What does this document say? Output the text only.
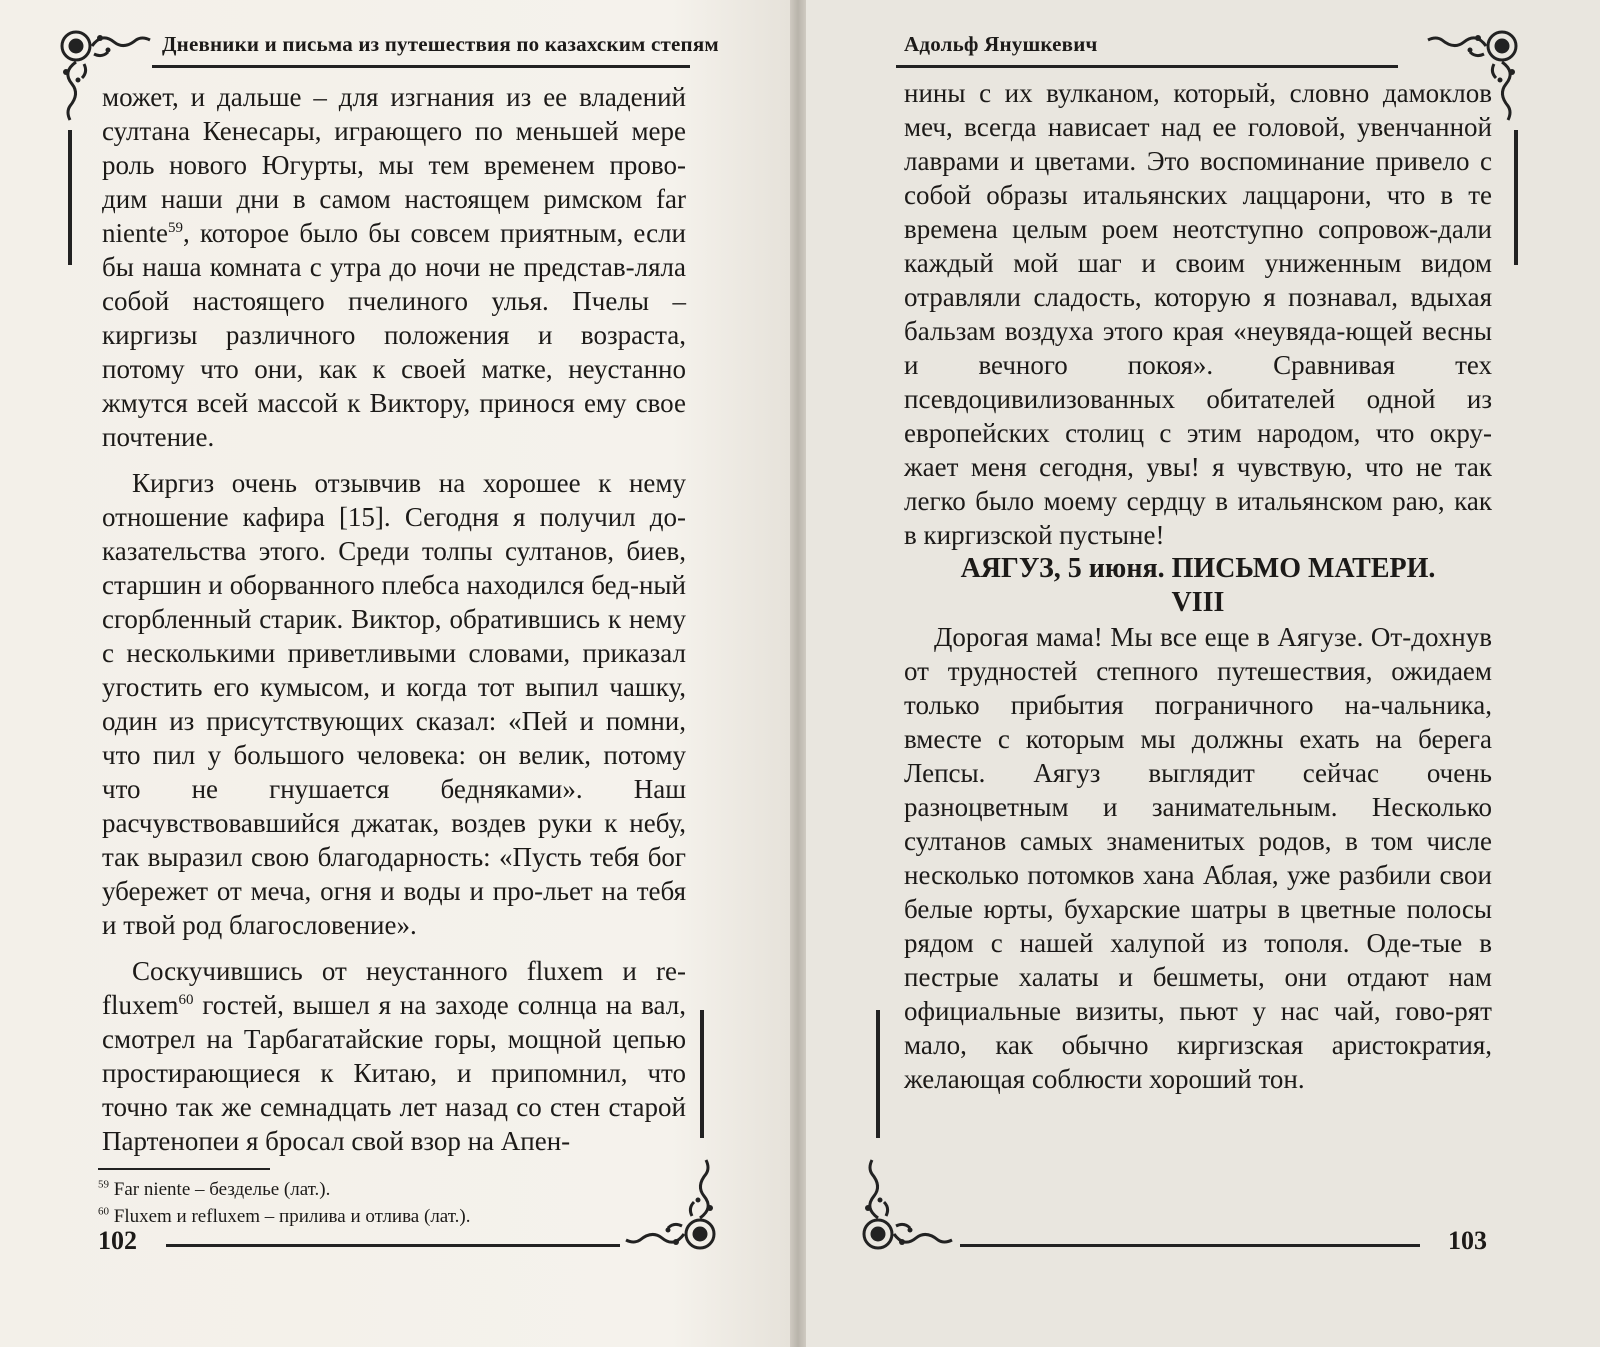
Дневники и письма из путешествия по казахским степям

может, и дальше – для изгнания из ее владений султана Кенесары, играющего по меньшей мере роль нового Югурты, мы тем временем прово- дим наши дни в самом настоящем римском far niente$^{59}$, которое было бы совсем приятным, если бы наша комната с утра до ночи не представ-ляла собой настоящего пчелиного улья. Пчелы – киргизы различного положения и возраста, потому что они, как к своей матке, неустанно жмутся всей массой к Виктору, принося ему свое почтение.

Киргиз очень отзывчив на хорошее к нему отношение кафира [15]. Сегодня я получил до-казательства этого. Среди толпы султанов, биев, старшин и оборванного плебса находился бед-ный сгорбленный старик. Виктор, обратившись к нему с несколькими приветливыми словами, приказал угостить его кумысом, и когда тот выпил чашку, один из присутствующих сказал: «Пей и помни, что пил у большого человека: он велик, потому что не гнушается бедняками». Наш расчувствовавшийся джатак, воздев руки к небу, так выразил свою благодарность: «Пусть тебя бог убережет от меча, огня и воды и про-льет на тебя и твой род благословение».

Соскучившись от неустанного fluxem и re-fluxem$^{60}$ гостей, вышел я на заходе солнца на вал, смотрел на Тарбагатайские горы, мощной цепью простирающиеся к Китаю, и припомнил, что точно так же семнадцать лет назад со стен старой Партенопеи я бросал свой взор на Апен-

$^{59}$ Far niente – безделье (лат.).
$^{60}$ Fluxem и refluxem – прилива и отлива (лат.).
102
Адольф Янушкевич

нины с их вулканом, который, словно дамоклов меч, всегда нависает над ее головой, увенчанной лаврами и цветами. Это воспоминание привело с собой образы итальянских лаццарони, что в те времена целым роем неотступно сопровож-дали каждый мой шаг и своим униженным видом отравляли сладость, которую я познавал, вдыхая бальзам воздуха этого края «неувяда-ющей весны и вечного покоя». Сравнивая тех псевдоцивилизованных обитателей одной из европейских столиц с этим народом, что окру-жает меня сегодня, увы! я чувствую, что не так легко было моему сердцу в итальянском раю, как в киргизской пустыне!

АЯГУЗ, 5 июня. ПИСЬМО МАТЕРИ.

VIII

Дорогая мама! Мы все еще в Аягузе. От-дохнув от трудностей степного путешествия, ожидаем только прибытия пограничного на-чальника, вместе с которым мы должны ехать на берега Лепсы. Аягуз выглядит сейчас очень разноцветным и занимательным. Несколько султанов самых знаменитых родов, в том числе несколько потомков хана Аблая, уже разбили свои белые юрты, бухарские шатры в цветные полосы рядом с нашей халупой из тополя. Оде-тые в пестрые халаты и бешметы, они отдают нам официальные визиты, пьют у нас чай, гово-рят мало, как обычно киргизская аристократия, желающая соблюсти хороший тон.

103
